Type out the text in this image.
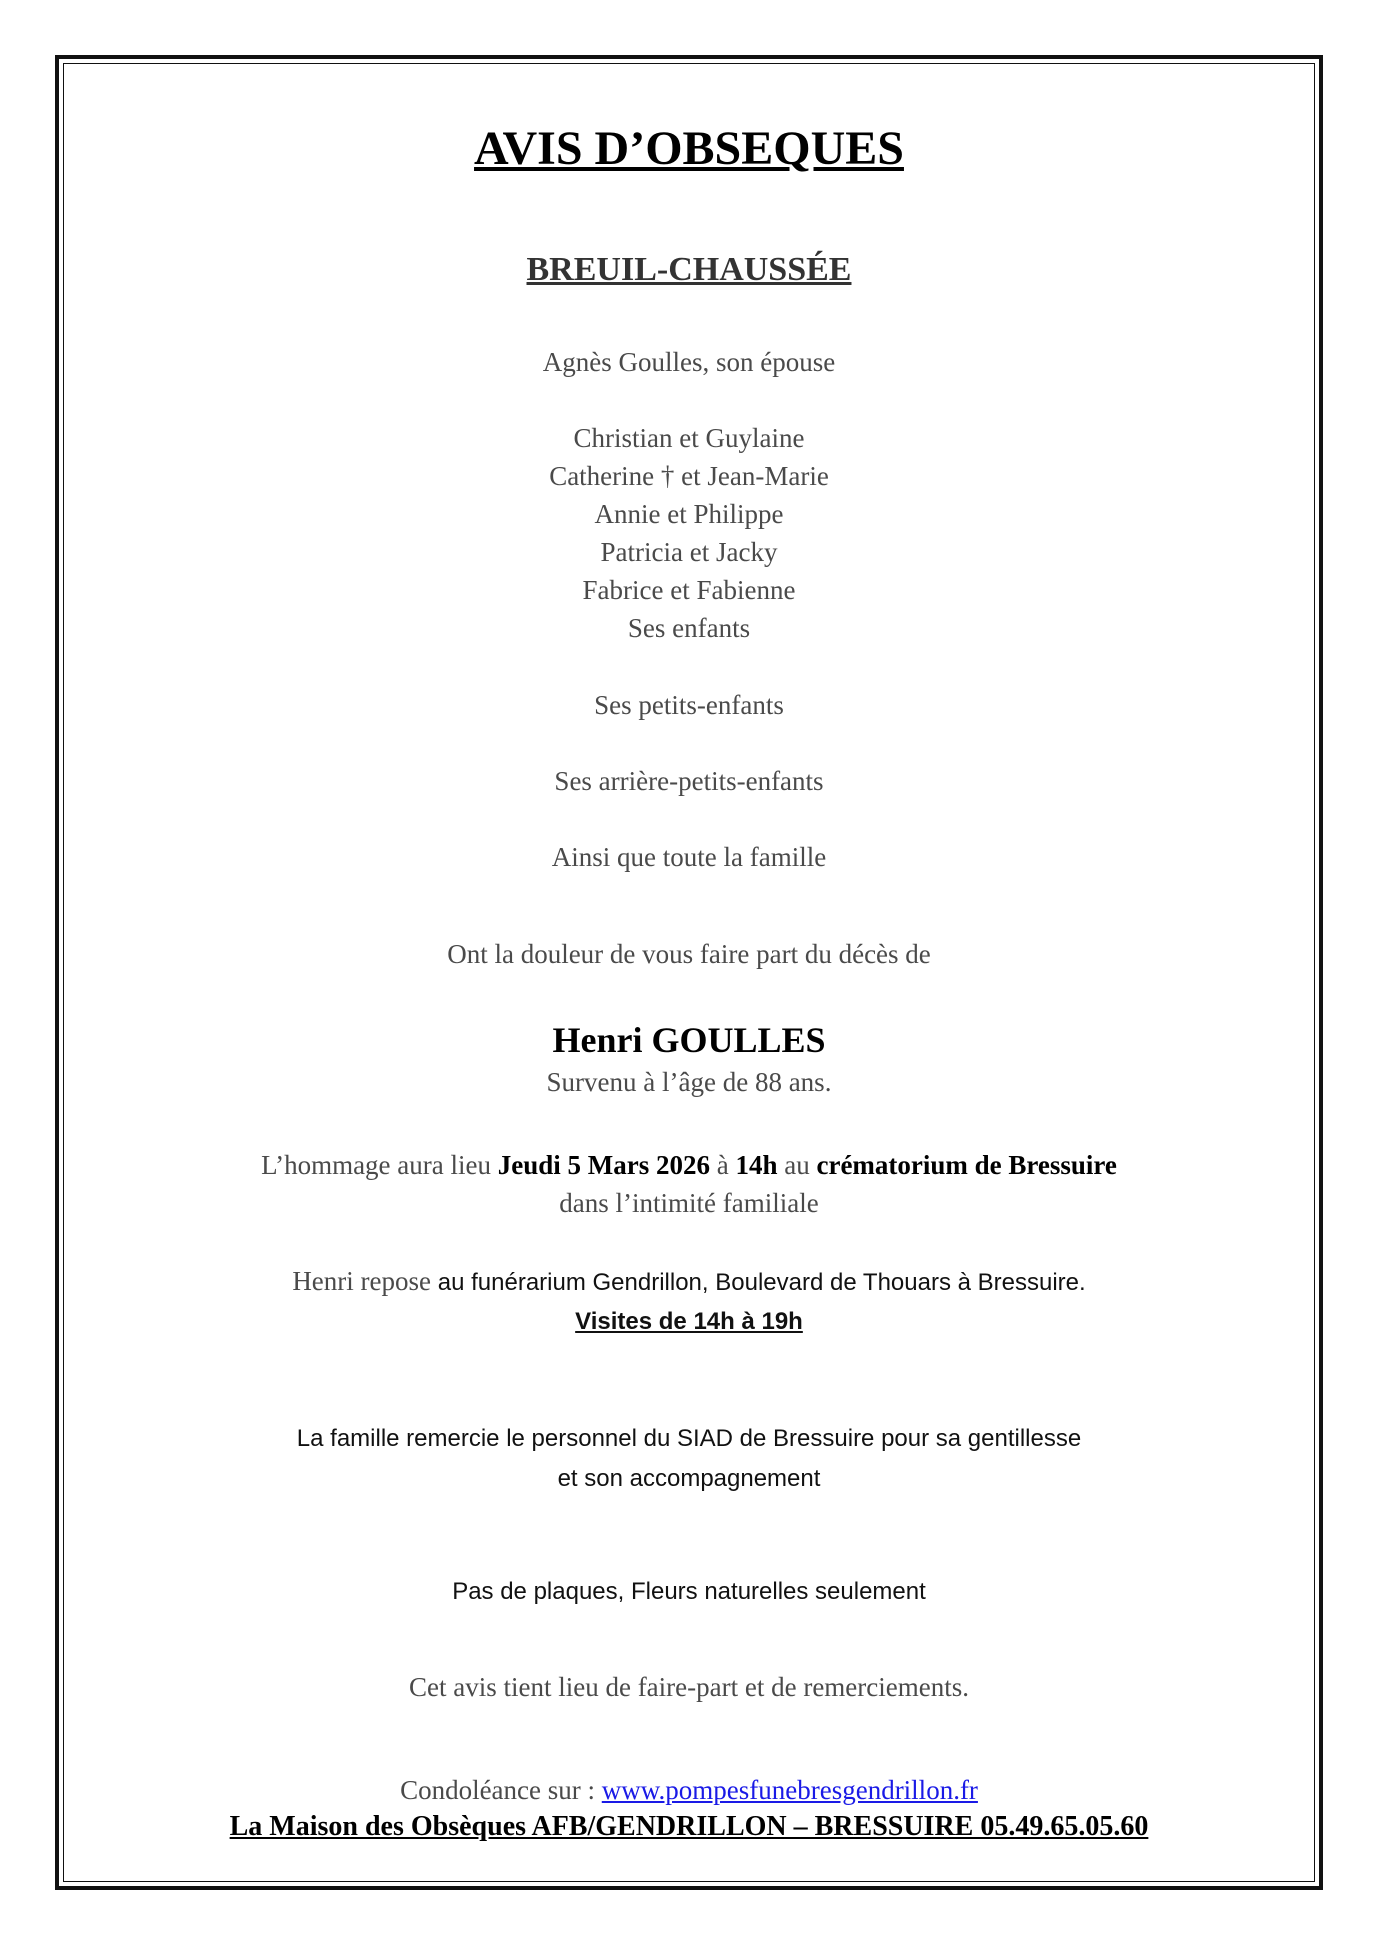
AVIS D’OBSEQUES
BREUIL-CHAUSSÉE
Agnès Goulles, son épouse
Christian et Guylaine
Catherine † et Jean-Marie
Annie et Philippe
Patricia et Jacky
Fabrice et Fabienne
Ses enfants
Ses petits-enfants
Ses arrière-petits-enfants
Ainsi que toute la famille
Ont la douleur de vous faire part du décès de
Henri GOULLES
Survenu à l’âge de 88 ans.
L’hommage aura lieu Jeudi 5 Mars 2026 à 14h au crématorium de Bressuire
dans l’intimité familiale
Henri repose au funérarium Gendrillon, Boulevard de Thouars à Bressuire.
Visites de 14h à 19h
La famille remercie le personnel du SIAD de Bressuire pour sa gentillesse
et son accompagnement
Pas de plaques, Fleurs naturelles seulement
Cet avis tient lieu de faire-part et de remerciements.
Condoléance sur : www.pompesfunebresgendrillon.fr
La Maison des Obsèques AFB/GENDRILLON – BRESSUIRE 05.49.65.05.60
